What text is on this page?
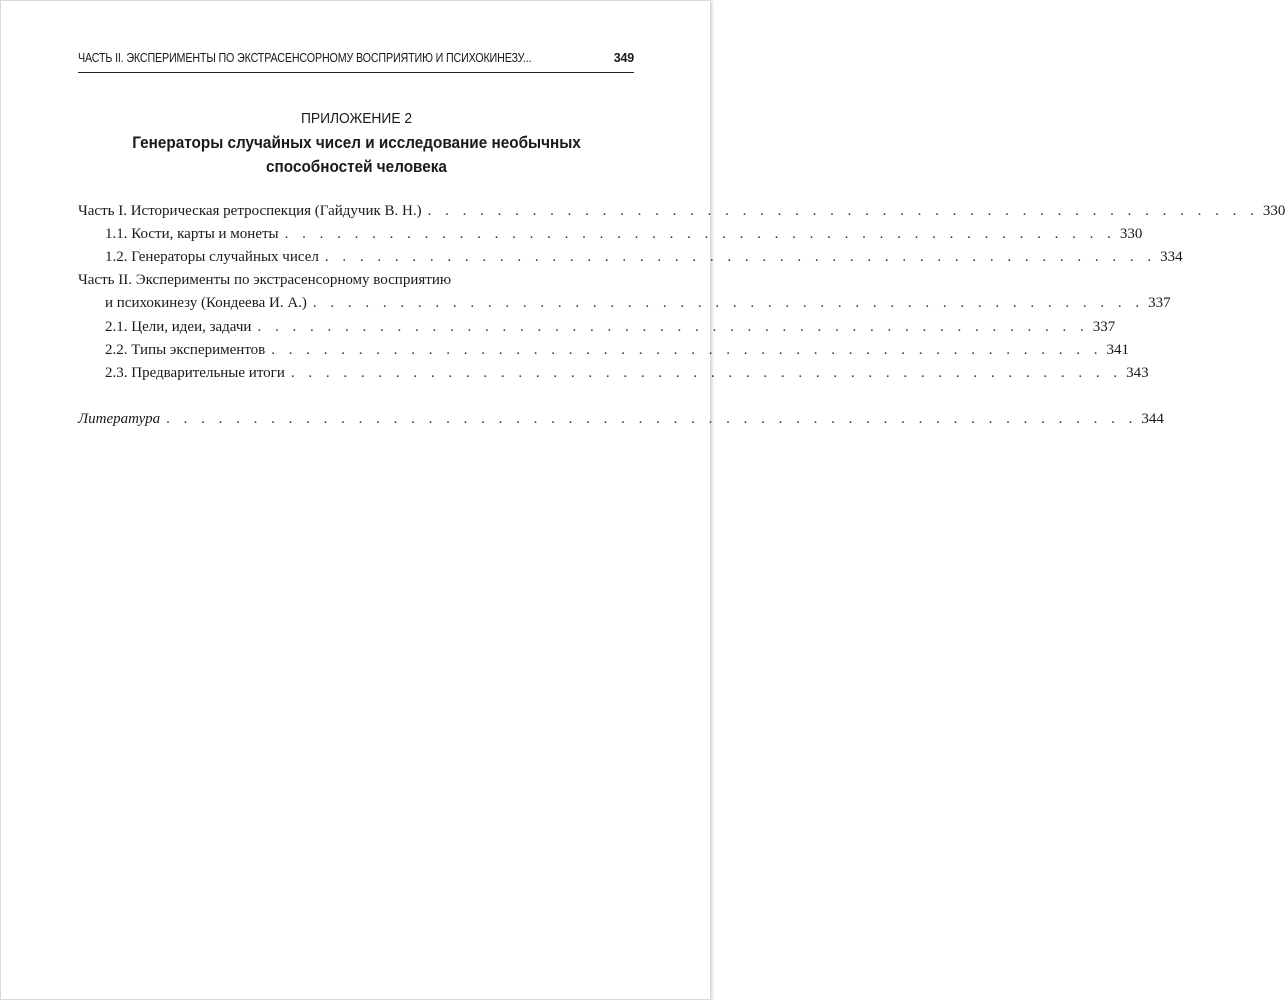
ЧАСТЬ II. ЭКСПЕРИМЕНТЫ ПО ЭКСТРАСЕНСОРНОМУ ВОСПРИЯТИЮ И ПСИХОКИНЕЗУ...	349
ПРИЛОЖЕНИЕ 2
Генераторы случайных чисел и исследование необычных
способностей человека
Часть I. Историческая ретроспекция (Гайдучик В. Н.) . . . . . . . . . . . . . . . . . . . . . . . . . . . . . . . . . . . . . . . . . . . . . . . . 330
1.1. Кости, карты и монеты . . . . . . . . . . . . . . . . . . . . . . . . . . . . . . . . . . . . . . . . . . . . . . . . 330
1.2. Генераторы случайных чисел . . . . . . . . . . . . . . . . . . . . . . . . . . . . . . . . . . . . . . . . . . . . . . . . 334
Часть II. Эксперименты по экстрасенсорному восприятию
и психокинезу (Кондеева И. А.) . . . . . . . . . . . . . . . . . . . . . . . . . . . . . . . . . . . . . . . . . . . . . . . . 337
2.1. Цели, идеи, задачи . . . . . . . . . . . . . . . . . . . . . . . . . . . . . . . . . . . . . . . . . . . . . . . . 337
2.2. Типы экспериментов . . . . . . . . . . . . . . . . . . . . . . . . . . . . . . . . . . . . . . . . . . . . . . . . 341
2.3. Предварительные итоги . . . . . . . . . . . . . . . . . . . . . . . . . . . . . . . . . . . . . . . . . . . . . . . . 343
Литература . . . . . . . . . . . . . . . . . . . . . . . . . . . . . . . . . . . . . . . . . . . . . . . . . . . . . . . . 344
